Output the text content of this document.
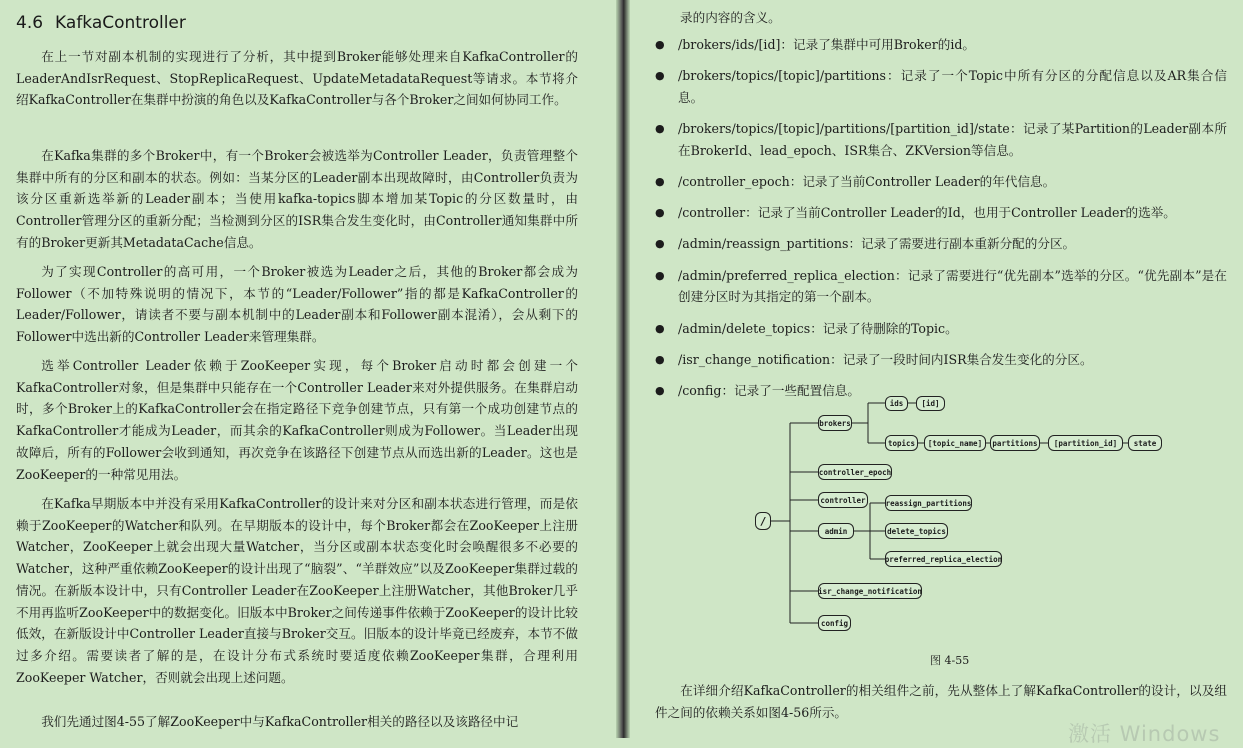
4.6 KafkaController

在上一节对副本机制的实现进行了分析，其中提到Broker能够处理来自KafkaController的LeaderAndIsrRequest、StopReplicaRequest、UpdateMetadataRequest等请求。本节将介绍KafkaController在集群中扮演的角色以及KafkaController与各个Broker之间如何协同工作。

在Kafka集群的多个Broker中，有一个Broker会被选举为Controller Leader，负责管理整个集群中所有的分区和副本的状态。例如：当某分区的Leader副本出现故障时，由Controller负责为该分区重新选举新的Leader副本；当使用kafka-topics脚本增加某Topic的分区数量时，由Controller管理分区的重新分配；当检测到分区的ISR集合发生变化时，由Controller通知集群中所有的Broker更新其MetadataCache信息。

为了实现Controller的高可用，一个Broker被选为Leader之后，其他的Broker都会成为Follower（不加特殊说明的情况下，本节的“Leader/Follower”指的都是KafkaController的Leader/Follower，请读者不要与副本机制中的Leader副本和Follower副本混淆），会从剩下的Follower中选出新的Controller Leader来管理集群。

选举Controller Leader依赖于ZooKeeper实现，每个Broker启动时都会创建一个KafkaController对象，但是集群中只能存在一个Controller Leader来对外提供服务。在集群启动时，多个Broker上的KafkaController会在指定路径下竞争创建节点，只有第一个成功创建节点的KafkaController才能成为Leader，而其余的KafkaController则成为Follower。当Leader出现故障后，所有的Follower会收到通知，再次竞争在该路径下创建节点从而选出新的Leader。这也是ZooKeeper的一种常见用法。

在Kafka早期版本中并没有采用KafkaController的设计来对分区和副本状态进行管理，而是依赖于ZooKeeper的Watcher和队列。在早期版本的设计中，每个Broker都会在ZooKeeper上注册Watcher，ZooKeeper上就会出现大量Watcher，当分区或副本状态变化时会唤醒很多不必要的Watcher，这种严重依赖ZooKeeper的设计出现了“脑裂”、“羊群效应”以及ZooKeeper集群过载的情况。在新版本设计中，只有Controller Leader在ZooKeeper上注册Watcher，其他Broker几乎不用再监听ZooKeeper中的数据变化。旧版本中Broker之间传递事件依赖于ZooKeeper的设计比较低效，在新版设计中Controller Leader直接与Broker交互。旧版本的设计毕竟已经废弃，本节不做过多介绍。需要读者了解的是，在设计分布式系统时要适度依赖ZooKeeper集群，合理利用ZooKeeper Watcher，否则就会出现上述问题。

我们先通过图4-55了解ZooKeeper中与KafkaController相关的路径以及该路径中记

录的内容的含义。

● /brokers/ids/[id]：记录了集群中可用Broker的id。
● /brokers/topics/[topic]/partitions：记录了一个Topic中所有分区的分配信息以及AR集合信息。
● /brokers/topics/[topic]/partitions/[partition_id]/state：记录了某Partition的Leader副本所在BrokerId、lead_epoch、ISR集合、ZKVersion等信息。
● /controller_epoch：记录了当前Controller Leader的年代信息。
● /controller：记录了当前Controller Leader的Id，也用于Controller Leader的选举。
● /admin/reassign_partitions：记录了需要进行副本重新分配的分区。
● /admin/preferred_replica_election：记录了需要进行“优先副本”选举的分区。“优先副本”是在创建分区时为其指定的第一个副本。
● /admin/delete_topics：记录了待删除的Topic。
● /isr_change_notification：记录了一段时间内ISR集合发生变化的分区。
● /config：记录了一些配置信息。
/
brokers
ids	[id]
topics	[topic_name]	partitions	[partition_id]	state
controller_epoch
controller
admin
reassign_partitions
delete_topics
preferred_replica_election
isr_change_notification
config
图 4-55

在详细介绍KafkaController的相关组件之前，先从整体上了解KafkaController的设计，以及组件之间的依赖关系如图4-56所示。

激活 Windows
